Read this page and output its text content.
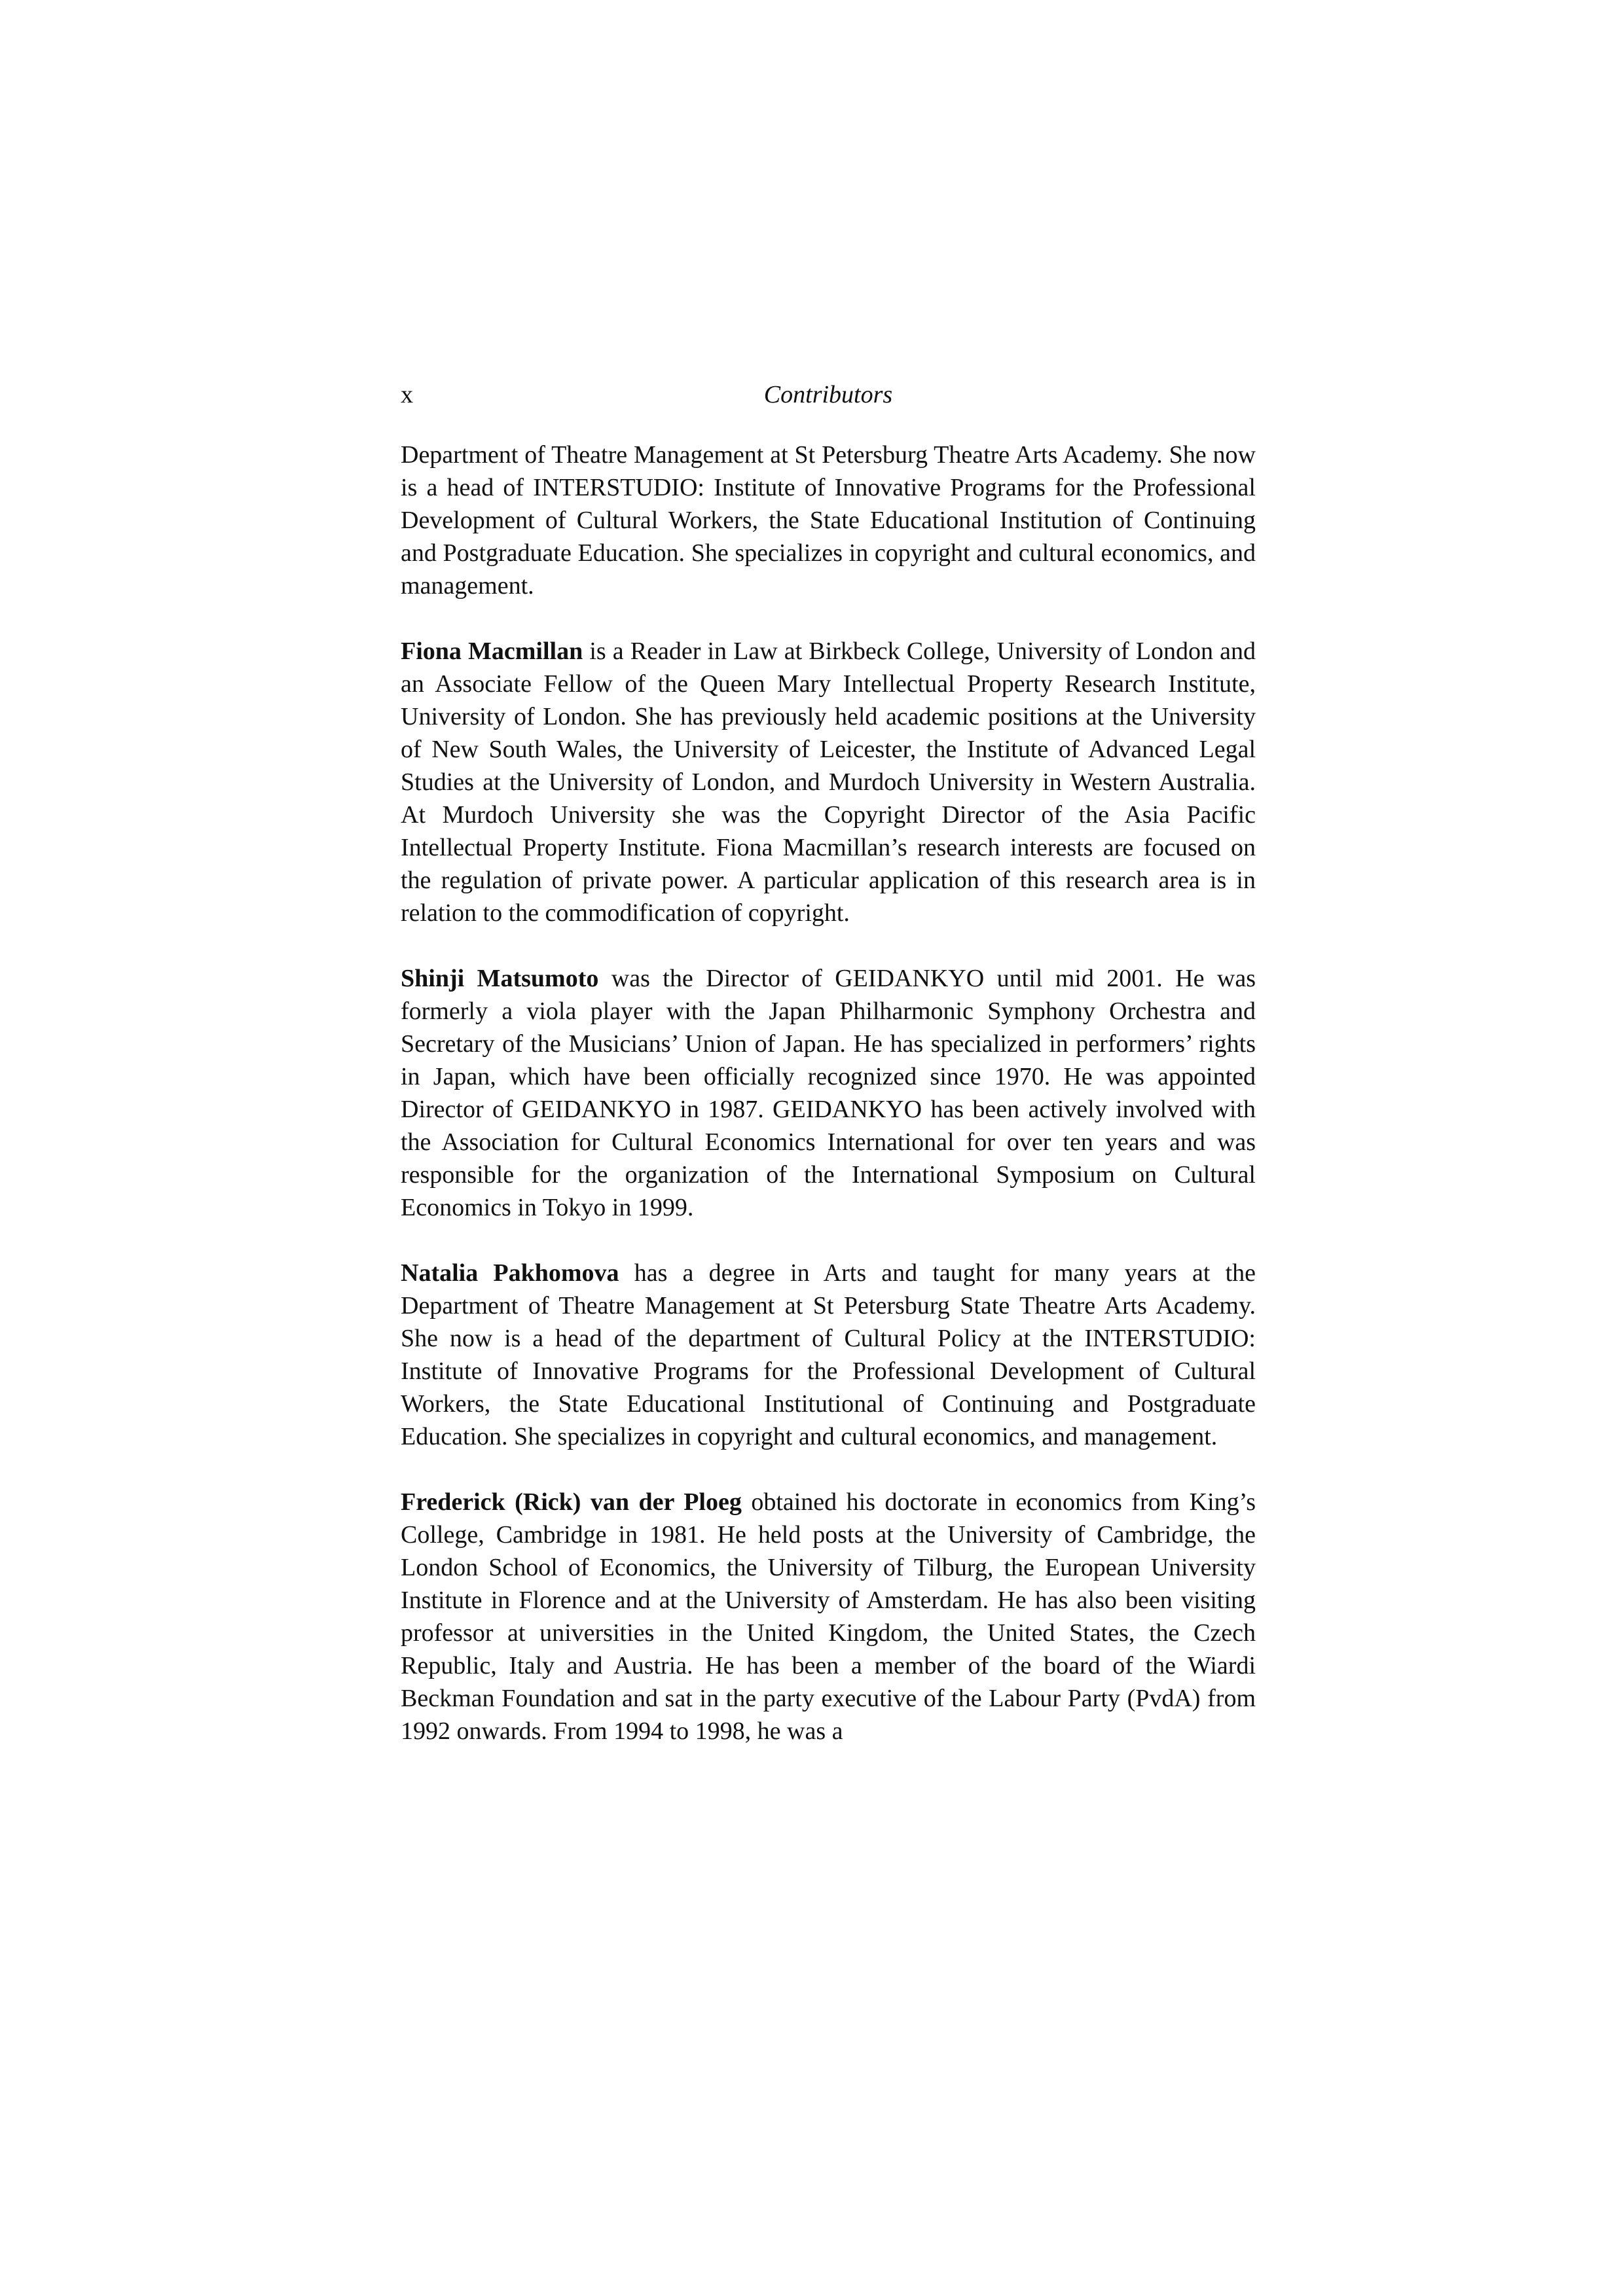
x	Contributors

Department of Theatre Management at St Petersburg Theatre Arts Academy. She now is a head of INTERSTUDIO: Institute of Innovative Programs for the Professional Development of Cultural Workers, the State Educational Institution of Continuing and Postgraduate Education. She specializes in copyright and cultural economics, and management.

Fiona Macmillan is a Reader in Law at Birkbeck College, University of London and an Associate Fellow of the Queen Mary Intellectual Property Research Institute, University of London. She has previously held academic positions at the University of New South Wales, the University of Leicester, the Institute of Advanced Legal Studies at the University of London, and Murdoch University in Western Australia. At Murdoch University she was the Copyright Director of the Asia Pacific Intellectual Property Institute. Fiona Macmillan’s research interests are focused on the regulation of private power. A particular application of this research area is in relation to the commodification of copyright.

Shinji Matsumoto was the Director of GEIDANKYO until mid 2001. He was formerly a viola player with the Japan Philharmonic Symphony Orchestra and Secretary of the Musicians’ Union of Japan. He has specialized in performers’ rights in Japan, which have been officially recognized since 1970. He was appointed Director of GEIDANKYO in 1987. GEIDANKYO has been actively involved with the Association for Cultural Economics International for over ten years and was responsible for the organization of the International Symposium on Cultural Economics in Tokyo in 1999.

Natalia Pakhomova has a degree in Arts and taught for many years at the Department of Theatre Management at St Petersburg State Theatre Arts Academy. She now is a head of the department of Cultural Policy at the INTERSTUDIO: Institute of Innovative Programs for the Professional Development of Cultural Workers, the State Educational Institutional of Continuing and Postgraduate Education. She specializes in copyright and cultural economics, and management.

Frederick (Rick) van der Ploeg obtained his doctorate in economics from King’s College, Cambridge in 1981. He held posts at the University of Cambridge, the London School of Economics, the University of Tilburg, the European University Institute in Florence and at the University of Amsterdam. He has also been visiting professor at universities in the United Kingdom, the United States, the Czech Republic, Italy and Austria. He has been a member of the board of the Wiardi Beckman Foundation and sat in the party executive of the Labour Party (PvdA) from 1992 onwards. From 1994 to 1998, he was a
